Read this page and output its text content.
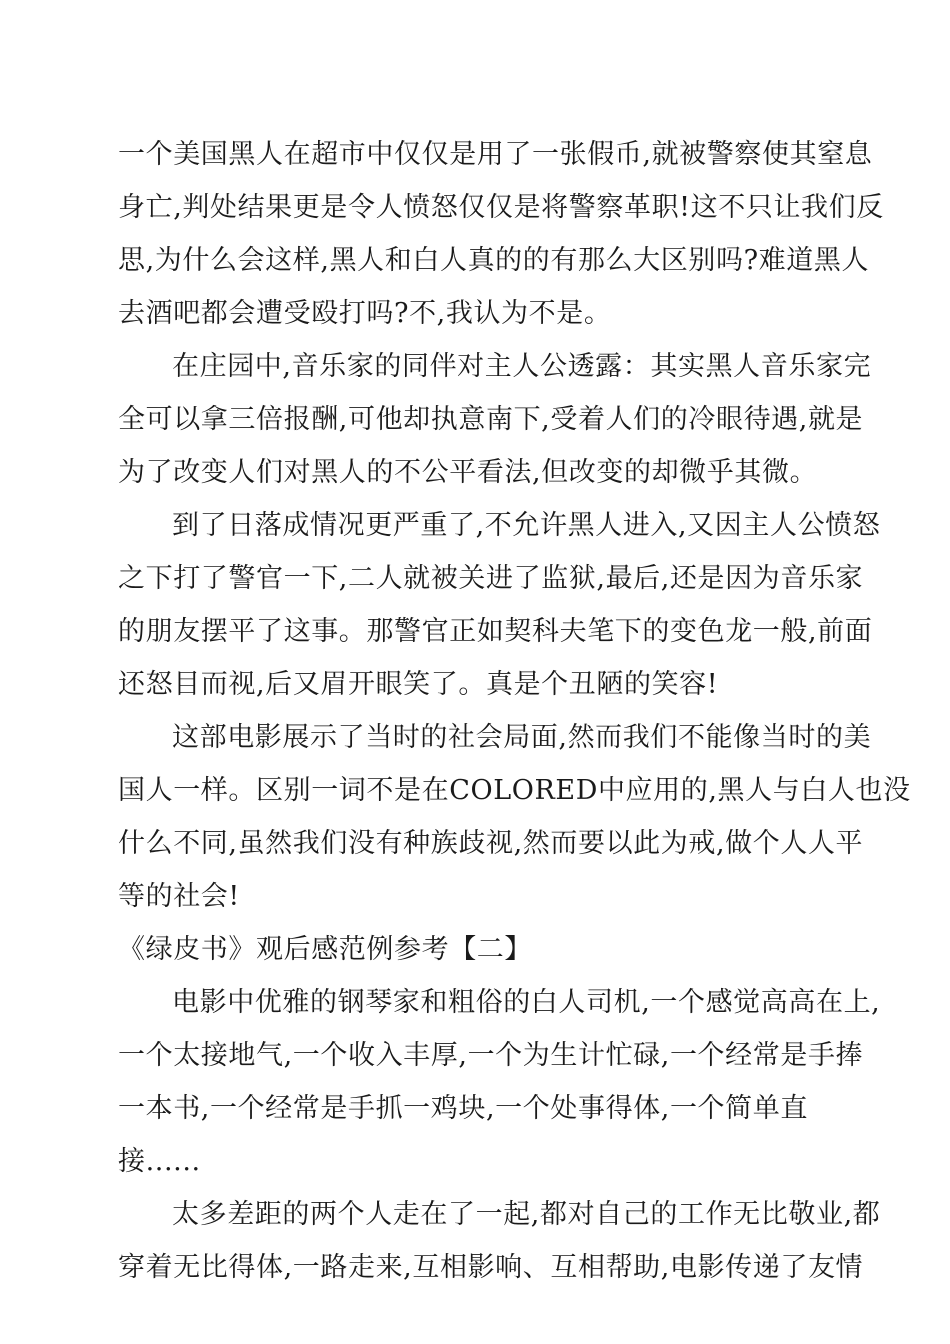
一个美国黑人在超市中仅仅是用了一张假币,就被警察使其窒息
身亡,判处结果更是令人愤怒仅仅是将警察革职!这不只让我们反
思,为什么会这样,黑人和白人真的的有那么大区别吗?难道黑人
去酒吧都会遭受殴打吗?不,我认为不是。
在庄园中,音乐家的同伴对主人公透露：其实黑人音乐家完
全可以拿三倍报酬,可他却执意南下,受着人们的冷眼待遇,就是
为了改变人们对黑人的不公平看法,但改变的却微乎其微。
到了日落成情况更严重了,不允许黑人进入,又因主人公愤怒
之下打了警官一下,二人就被关进了监狱,最后,还是因为音乐家
的朋友摆平了这事。那警官正如契科夫笔下的变色龙一般,前面
还怒目而视,后又眉开眼笑了。真是个丑陋的笑容!
这部电影展示了当时的社会局面,然而我们不能像当时的美
国人一样。区别一词不是在COLORED中应用的,黑人与白人也没
什么不同,虽然我们没有种族歧视,然而要以此为戒,做个人人平
等的社会!
《绿皮书》观后感范例参考【二】
电影中优雅的钢琴家和粗俗的白人司机,一个感觉高高在上,
一个太接地气,一个收入丰厚,一个为生计忙碌,一个经常是手捧
一本书,一个经常是手抓一鸡块,一个处事得体,一个简单直
接......
太多差距的两个人走在了一起,都对自己的工作无比敬业,都
穿着无比得体,一路走来,互相影响、互相帮助,电影传递了友情
